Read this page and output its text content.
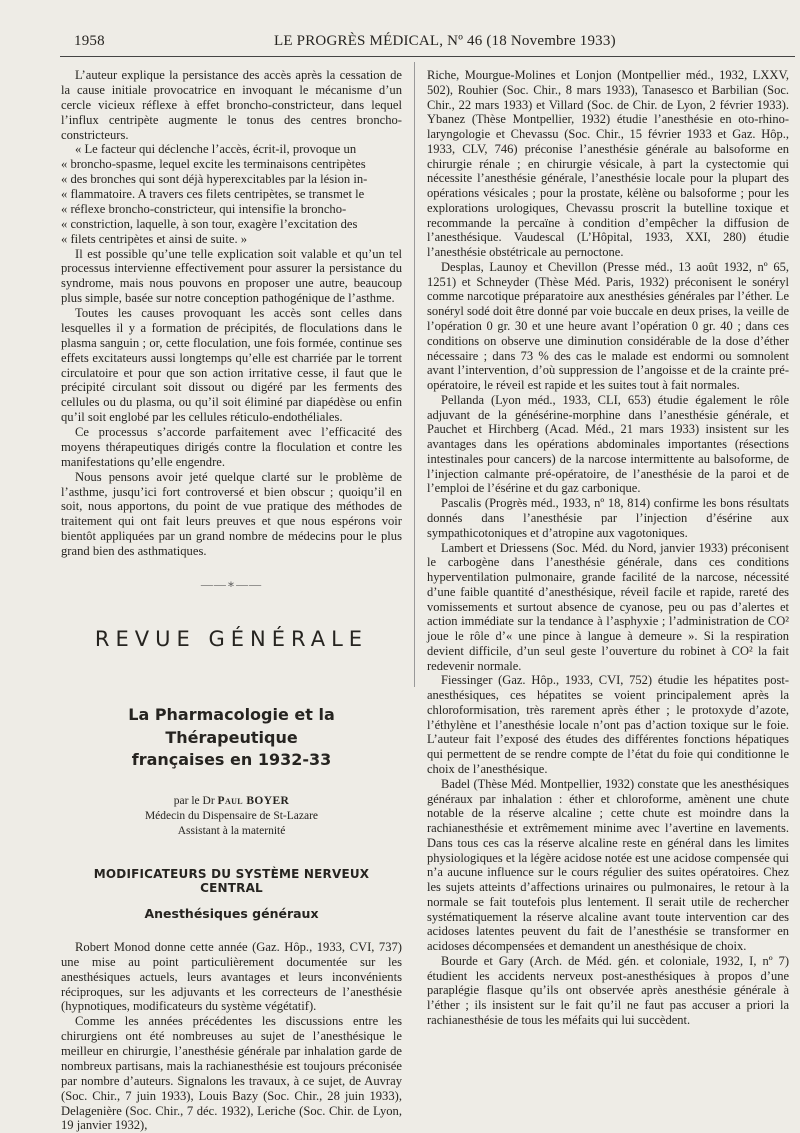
1958	LE PROGRÈS MÉDICAL, Nº 46 (18 Novembre 1933)

L’auteur explique la persistance des accès après la cessation de la cause initiale provocatrice en invoquant le mécanisme d’un cercle vicieux réflexe à effet broncho-constricteur, dans lequel l’influx centripète augmente le tonus des centres broncho-constricteurs.

« Le facteur qui déclenche l’accès, écrit-il, provoque un

« broncho-spasme, lequel excite les terminaisons centripètes

« des bronches qui sont déjà hyperexcitables par la lésion in-

« flammatoire. A travers ces filets centripètes, se transmet le

« réflexe broncho-constricteur, qui intensifie la broncho-

« constriction, laquelle, à son tour, exagère l’excitation des

« filets centripètes et ainsi de suite. »

Il est possible qu’une telle explication soit valable et qu’un tel processus intervienne effectivement pour assurer la persistance du syndrome, mais nous pouvons en proposer une autre, beaucoup plus simple, basée sur notre conception pathogénique de l’asthme.

Toutes les causes provoquant les accès sont celles dans lesquelles il y a formation de précipités, de floculations dans le plasma sanguin ; or, cette floculation, une fois formée, continue ses effets excitateurs aussi longtemps qu’elle est charriée par le torrent circulatoire et pour que son action irritative cesse, il faut que le précipité circulant soit dissout ou digéré par les ferments des cellules ou du plasma, ou qu’il soit éliminé par diapédèse ou enfin qu’il soit englobé par les cellules réticulo-endothéliales.

Ce processus s’accorde parfaitement avec l’efficacité des moyens thérapeutiques dirigés contre la floculation et contre les manifestations qu’elle engendre.

Nous pensons avoir jeté quelque clarté sur le problème de l’asthme, jusqu’ici fort controversé et bien obscur ; quoiqu’il en soit, nous apportons, du point de vue pratique des méthodes de traitement qui ont fait leurs preuves et que nous espérons voir bientôt appliquées par un grand nombre de médecins pour le plus grand bien des asthmatiques.

——∗——
REVUE GÉNÉRALE
La Pharmacologie et la Thérapeutique
françaises en 1932-33
par le Dr Paul BOYER
Médecin du Dispensaire de St-Lazare
Assistant à la maternité
MODIFICATEURS DU SYSTÈME NERVEUX CENTRAL
Anesthésiques généraux

Robert Monod donne cette année (Gaz. Hôp., 1933, CVI, 737) une mise au point particulièrement documentée sur les anesthésiques actuels, leurs avantages et leurs inconvénients réciproques, sur les adjuvants et les correcteurs de l’anesthésie (hypnotiques, modificateurs du système végétatif).

Comme les années précédentes les discussions entre les chirurgiens ont été nombreuses au sujet de l’anesthésique le meilleur en chirurgie, l’anesthésie générale par inhalation garde de nombreux partisans, mais la rachianesthésie est toujours préconisée par nombre d’auteurs. Signalons les travaux, à ce sujet, de Auvray (Soc. Chir., 7 juin 1933), Louis Bazy (Soc. Chir., 28 juin 1933), Delagenière (Soc. Chir., 7 déc. 1932), Leriche (Soc. Chir. de Lyon, 19 janvier 1932),

Riche, Mourgue-Molines et Lonjon (Montpellier méd., 1932, LXXV, 502), Rouhier (Soc. Chir., 8 mars 1933), Tanasesco et Barbilian (Soc. Chir., 22 mars 1933) et Villard (Soc. de Chir. de Lyon, 2 février 1933). Ybanez (Thèse Montpellier, 1932) étudie l’anesthésie en oto-rhino-laryngologie et Chevassu (Soc. Chir., 15 février 1933 et Gaz. Hôp., 1933, CLV, 746) préconise l’anesthésie générale au balsoforme en chirurgie rénale ; en chirurgie vésicale, à part la cystectomie qui nécessite l’anesthésie générale, l’anesthésie locale pour la plupart des opérations vésicales ; pour la prostate, kélène ou balsoforme ; pour les explorations urologiques, Chevassu proscrit la butelline toxique et recommande la percaïne à condition d’empêcher la diffusion de l’anesthésique. Vaudescal (L’Hôpital, 1933, XXI, 280) étudie l’anesthésie obstétricale au pernoctone.

Desplas, Launoy et Chevillon (Presse méd., 13 août 1932, nº 65, 1251) et Schneyder (Thèse Méd. Paris, 1932) préconisent le sonéryl comme narcotique préparatoire aux anesthésies générales par l’éther. Le sonéryl sodé doit être donné par voie buccale en deux prises, la veille de l’opération 0 gr. 30 et une heure avant l’opération 0 gr. 40 ; dans ces conditions on observe une diminution considérable de la dose d’éther nécessaire ; dans 73 % des cas le malade est endormi ou somnolent avant l’intervention, d’où suppression de l’angoisse et de la crainte pré-opératoire, le réveil est rapide et les suites tout à fait normales.

Pellanda (Lyon méd., 1933, CLI, 653) étudie également le rôle adjuvant de la génésérine-morphine dans l’anesthésie générale, et Pauchet et Hirchberg (Acad. Méd., 21 mars 1933) insistent sur les avantages dans les opérations abdominales importantes (résections intestinales pour cancers) de la narcose intermittente au balsoforme, de l’injection calmante pré-opératoire, de l’anesthésie de la paroi et de l’emploi de l’ésérine et du gaz carbonique.

Pascalis (Progrès méd., 1933, nº 18, 814) confirme les bons résultats donnés dans l’anesthésie par l’injection d’ésérine aux sympathicotoniques et d’atropine aux vagotoniques.

Lambert et Driessens (Soc. Méd. du Nord, janvier 1933) préconisent le carbogène dans l’anesthésie générale, dans ces conditions hyperventilation pulmonaire, grande facilité de la narcose, nécessité d’une faible quantité d’anesthésique, réveil facile et rapide, rareté des vomissements et surtout absence de cyanose, peu ou pas d’alertes et action immédiate sur la tendance à l’asphyxie ; l’administration de CO² joue le rôle d’« une pince à langue à demeure ». Si la respiration devient difficile, d’un seul geste l’ouverture du robinet à CO² la fait redevenir normale.

Fiessinger (Gaz. Hôp., 1933, CVI, 752) étudie les hépatites post-anesthésiques, ces hépatites se voient principalement après la chloroformisation, très rarement après éther ; le protoxyde d’azote, l’éthylène et l’anesthésie locale n’ont pas d’action toxique sur le foie. L’auteur fait l’exposé des études des différentes fonctions hépatiques qui permettent de se rendre compte de l’état du foie qui conditionne le choix de l’anesthésique.

Badel (Thèse Méd. Montpellier, 1932) constate que les anesthésiques généraux par inhalation : éther et chloroforme, amènent une chute notable de la réserve alcaline ; cette chute est moindre dans la rachianesthésie et extrêmement minime avec l’avertine en lavements. Dans tous ces cas la réserve alcaline reste en général dans les limites physiologiques et la légère acidose notée est une acidose compensée qui n’a aucune influence sur le cours régulier des suites opératoires. Chez les sujets atteints d’affections urinaires ou pulmonaires, le retour à la normale se fait toutefois plus lentement. Il serait utile de rechercher systématiquement la réserve alcaline avant toute intervention car des acidoses latentes peuvent du fait de l’anesthésie se transformer en acidoses décompensées et demandent un anesthésique de choix.

Bourde et Gary (Arch. de Méd. gén. et coloniale, 1932, I, nº 7) étudient les accidents nerveux post-anesthésiques à propos d’une paraplégie flasque qu’ils ont observée après anesthésie générale à l’éther ; ils insistent sur le fait qu’il ne faut pas accuser a priori la rachianesthésie de tous les méfaits qui lui succèdent.
